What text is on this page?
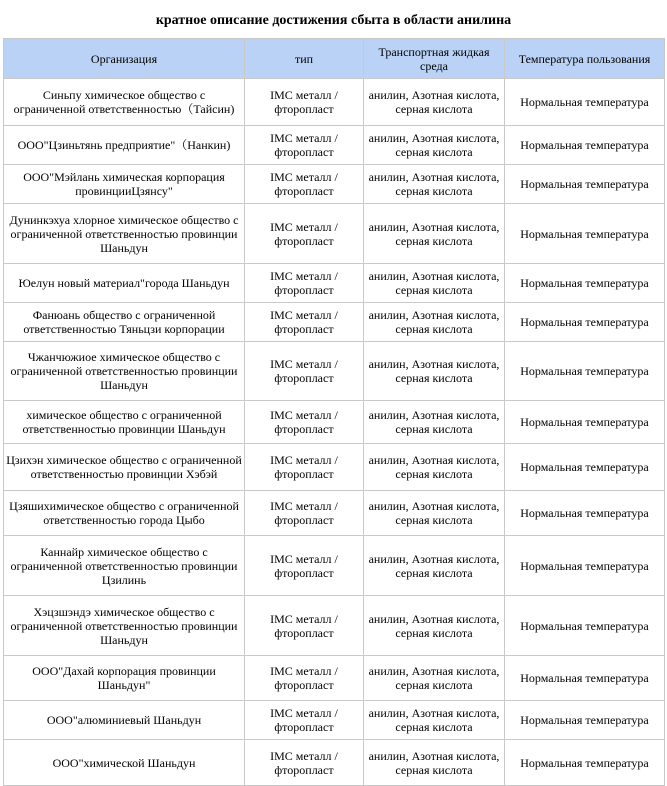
кратное описание достижения сбыта в области анилина
Организация	тип	Транспортная жидкая среда	Температура пользования
Синьпу химическое общество с ограниченной ответственностью（Тайсин)	IMC металл /фторопласт	анилин, Азотная кислота, серная кислота	Нормальная температура
ООО"Цзиньтянь предприятие"（Нанкин)	IMC металл /фторопласт	анилин, Азотная кислота, серная кислота	Нормальная температура
ООО"Мэйлань химическая корпорация провинцииЦзянсу"	IMC металл /фторопласт	анилин, Азотная кислота, серная кислота	Нормальная температура
Дунинкэхуа хлорное химическое общество с ограниченной ответственностью провинции Шаньдун	IMC металл /фторопласт	анилин, Азотная кислота, серная кислота	Нормальная температура
Юелун новый материал"города Шаньдун	IMC металл /фторопласт	анилин, Азотная кислота, серная кислота	Нормальная температура
Фанюань общество с ограниченной ответственностью Тяньцзи корпорации	IMC металл /фторопласт	анилин, Азотная кислота, серная кислота	Нормальная температура
Чжанчюжиое химическое общество с ограниченной ответственностью провинции Шаньдун	IMC металл /фторопласт	анилин, Азотная кислота, серная кислота	Нормальная температура
химическое общество с ограниченной ответственностью провинции Шаньдун	IMC металл /фторопласт	анилин, Азотная кислота, серная кислота	Нормальная температура
Цзихэн химическое общество с ограниченной ответственностью провинции Хэбэй	IMC металл /фторопласт	анилин, Азотная кислота, серная кислота	Нормальная температура
Цзяшихимическое общество с ограниченной ответственностью города Цыбо	IMC металл /фторопласт	анилин, Азотная кислота, серная кислота	Нормальная температура
Каннайр химическое общество с ограниченной ответственностью провинции Цзилинь	IMC металл /фторопласт	анилин, Азотная кислота, серная кислота	Нормальная температура
Хэцзшэндэ химическое общество с ограниченной ответственностью провинции Шаньдун	IMC металл /фторопласт	анилин, Азотная кислота, серная кислота	Нормальная температура
ООО"Дахай корпорация провинции Шаньдун"	IMC металл /фторопласт	анилин, Азотная кислота, серная кислота	Нормальная температура
ООО"алюминиевый Шаньдун	IMC металл /фторопласт	анилин, Азотная кислота, серная кислота	Нормальная температура
ООО"химической Шаньдун	IMC металл /фторопласт	анилин, Азотная кислота, серная кислота	Нормальная температура
